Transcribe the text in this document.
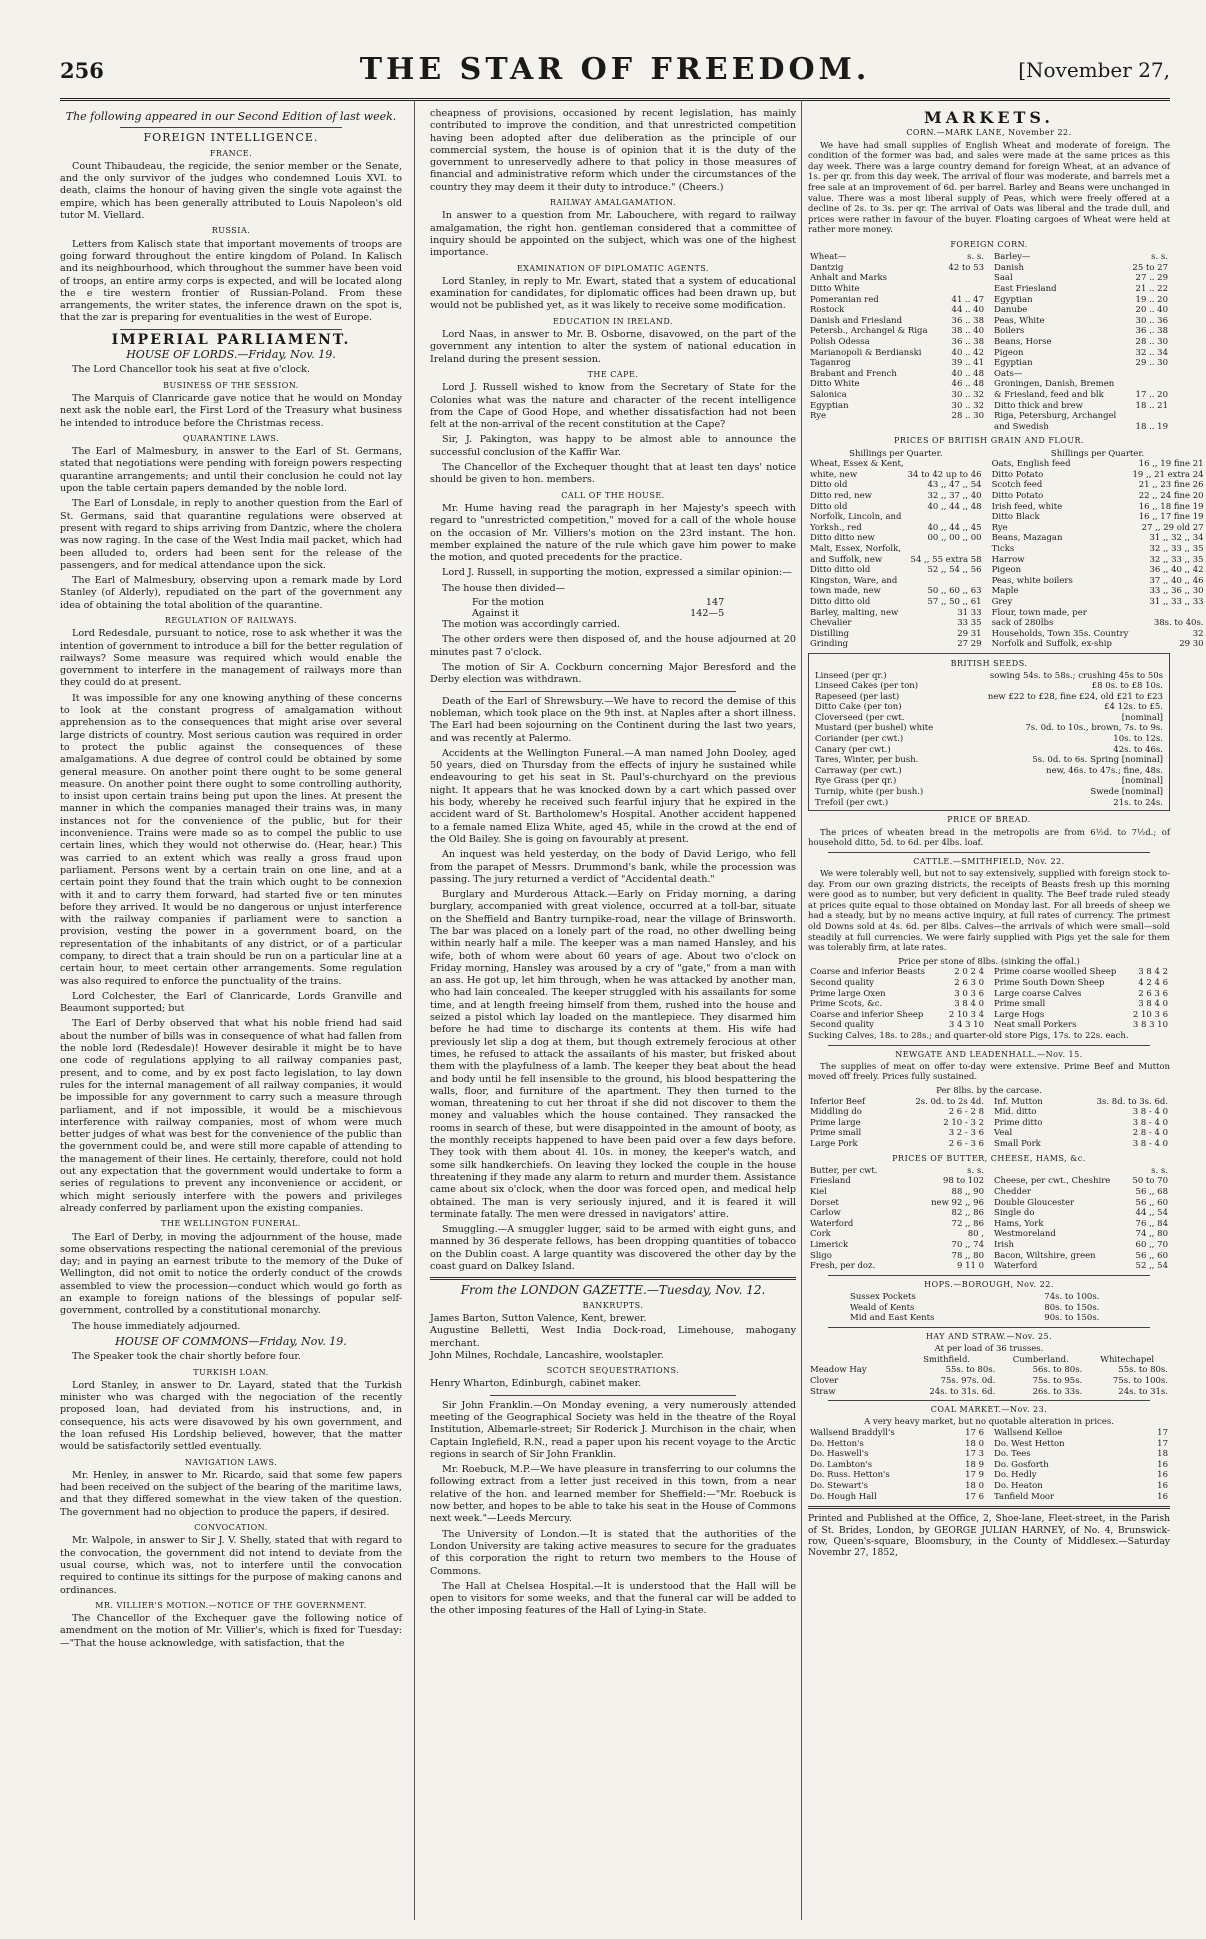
256	THE STAR OF FREEDOM.	[November 27,
The following appeared in our Second Edition of last week.
FOREIGN INTELLIGENCE.
FRANCE.

Count Thibaudeau, the regicide, the senior member or the Senate, and the only survivor of the judges who condemned Louis XVI. to death, claims the honour of having given the single vote against the empire, which has been generally attributed to Louis Napoleon's old tutor M. Viellard.

RUSSIA.

Letters from Kalisch state that important movements of troops are going forward throughout the entire kingdom of Poland. In Kalisch and its neighbourhood, which throughout the summer have been void of troops, an entire army corps is expected, and will be located along the e tire western frontier of Russian-Poland. From these arrangements, the writer states, the inference drawn on the spot is, that the zar is preparing for eventualities in the west of Europe.

IMPERIAL PARLIAMENT.
HOUSE OF LORDS.—Friday, Nov. 19.

The Lord Chancellor took his seat at five o'clock.

BUSINESS OF THE SESSION.

The Marquis of Clanricarde gave notice that he would on Monday next ask the noble earl, the First Lord of the Treasury what business he intended to introduce before the Christmas recess.

QUARANTINE LAWS.

The Earl of Malmesbury, in answer to the Earl of St. Germans, stated that negotiations were pending with foreign powers respecting quarantine arrangements; and until their conclusion he could not lay upon the table certain papers demanded by the noble lord.

The Earl of Lonsdale, in reply to another question from the Earl of St. Germans, said that quarantine regulations were observed at present with regard to ships arriving from Dantzic, where the cholera was now raging. In the case of the West India mail packet, which had been alluded to, orders had been sent for the release of the passengers, and for medical attendance upon the sick.

The Earl of Malmesbury, observing upon a remark made by Lord Stanley (of Alderly), repudiated on the part of the government any idea of obtaining the total abolition of the quarantine.

REGULATION OF RAILWAYS.

Lord Redesdale, pursuant to notice, rose to ask whether it was the intention of government to introduce a bill for the better regulation of railways? Some measure was required which would enable the government to interfere in the management of railways more than they could do at present.

It was impossible for any one knowing anything of these concerns to look at the constant progress of amalgamation without apprehension as to the consequences that might arise over several large districts of country. Most serious caution was required in order to protect the public against the consequences of these amalgamations. A due degree of control could be obtained by some general measure. On another point there ought to be some general measure. On another point there ought to some controlling authority, to insist upon certain trains being put upon the lines. At present the manner in which the companies managed their trains was, in many instances not for the convenience of the public, but for their inconvenience. Trains were made so as to compel the public to use certain lines, which they would not otherwise do. (Hear, hear.) This was carried to an extent which was really a gross fraud upon parliament. Persons went by a certain train on one line, and at a certain point they found that the train which ought to be connexion with it and to carry them forward, had started five or ten minutes before they arrived. It would be no dangerous or unjust interference with the railway companies if parliament were to sanction a provision, vesting the power in a government board, on the representation of the inhabitants of any district, or of a particular company, to direct that a train should be run on a particular line at a certain hour, to meet certain other arrangements. Some regulation was also required to enforce the punctuality of the trains.

Lord Colchester, the Earl of Clanricarde, Lords Granville and Beaumont supported; but

The Earl of Derby observed that what his noble friend had said about the number of bills was in consequence of what had fallen from the noble lord (Redesdale)! However desirable it might be to have one code of regulations applying to all railway companies past, present, and to come, and by ex post facto legislation, to lay down rules for the internal management of all railway companies, it would be impossible for any government to carry such a measure through parliament, and if not impossible, it would be a mischievous interference with railway companies, most of whom were much better judges of what was best for the convenience of the public than the government could be, and were still more capable of attending to the management of their lines. He certainly, therefore, could not hold out any expectation that the government would undertake to form a series of regulations to prevent any inconvenience or accident, or which might seriously interfere with the powers and privileges already conferred by parliament upon the existing companies.

THE WELLINGTON FUNERAL.

The Earl of Derby, in moving the adjournment of the house, made some observations respecting the national ceremonial of the previous day; and in paying an earnest tribute to the memory of the Duke of Wellington, did not omit to notice the orderly conduct of the crowds assembled to view the procession—conduct which would go forth as an example to foreign nations of the blessings of popular self-government, controlled by a constitutional monarchy.

The house immediately adjourned.

HOUSE OF COMMONS—Friday, Nov. 19.

The Speaker took the chair shortly before four.

TURKISH LOAN.

Lord Stanley, in answer to Dr. Layard, stated that the Turkish minister who was charged with the negociation of the recently proposed loan, had deviated from his instructions, and, in consequence, his acts were disavowed by his own government, and the loan refused His Lordship believed, however, that the matter would be satisfactorily settled eventually.

NAVIGATION LAWS.

Mr. Henley, in answer to Mr. Ricardo, said that some few papers had been received on the subject of the bearing of the maritime laws, and that they differed somewhat in the view taken of the question. The government had no objection to produce the papers, if desired.

CONVOCATION.

Mr. Walpole, in answer to Sir J. V. Shelly, stated that with regard to the convocation, the government did not intend to deviate from the usual course, which was, not to interfere until the convocation required to continue its sittings for the purpose of making canons and ordinances.

MR. VILLIER'S MOTION.—NOTICE OF THE GOVERNMENT.

The Chancellor of the Exchequer gave the following notice of amendment on the motion of Mr. Villier's, which is fixed for Tuesday:—"That the house acknowledge, with satisfaction, that the

cheapness of provisions, occasioned by recent legislation, has mainly contributed to improve the condition, and that unrestricted competition having been adopted after due deliberation as the principle of our commercial system, the house is of opinion that it is the duty of the government to unreservedly adhere to that policy in those measures of financial and administrative reform which under the circumstances of the country they may deem it their duty to introduce." (Cheers.)

RAILWAY AMALGAMATION.

In answer to a question from Mr. Labouchere, with regard to railway amalgamation, the right hon. gentleman considered that a committee of inquiry should be appointed on the subject, which was one of the highest importance.

EXAMINATION OF DIPLOMATIC AGENTS.

Lord Stanley, in reply to Mr. Ewart, stated that a system of educational examination for candidates, for diplomatic offices had been drawn up, but would not be published yet, as it was likely to receive some modification.

EDUCATION IN IRELAND.

Lord Naas, in answer to Mr. B. Osborne, disavowed, on the part of the government any intention to alter the system of national education in Ireland during the present session.

THE CAPE.

Lord J. Russell wished to know from the Secretary of State for the Colonies what was the nature and character of the recent intelligence from the Cape of Good Hope, and whether dissatisfaction had not been felt at the non-arrival of the recent constitution at the Cape?

Sir, J. Pakington, was happy to be almost able to announce the successful conclusion of the Kaffir War.

The Chancellor of the Exchequer thought that at least ten days' notice should be given to hon. members.

CALL OF THE HOUSE.

Mr. Hume having read the paragraph in her Majesty's speech with regard to "unrestricted competition," moved for a call of the whole house on the occasion of Mr. Villiers's motion on the 23rd instant. The hon. member explained the nature of the rule which gave him power to make the motion, and quoted precedents for the practice.

Lord J. Russell, in supporting the motion, expressed a similar opinion:—

The house then divided—

For the motion	147
Against it	142—5

The motion was accordingly carried.

The other orders were then disposed of, and the house adjourned at 20 minutes past 7 o'clock.

The motion of Sir A. Cockburn concerning Major Beresford and the Derby election was withdrawn.

Death of the Earl of Shrewsbury.—We have to record the demise of this nobleman, which took place on the 9th inst. at Naples after a short illness. The Earl had been sojourning on the Continent during the last two years, and was recently at Palermo.

Accidents at the Wellington Funeral.—A man named John Dooley, aged 50 years, died on Thursday from the effects of injury he sustained while endeavouring to get his seat in St. Paul's-churchyard on the previous night. It appears that he was knocked down by a cart which passed over his body, whereby he received such fearful injury that he expired in the accident ward of St. Bartholomew's Hospital. Another accident happened to a female named Eliza White, aged 45, while in the crowd at the end of the Old Bailey. She is going on favourably at present.

An inquest was held yesterday, on the body of David Lerigo, who fell from the parapet of Messrs. Drummond's bank, while the procession was passing. The jury returned a verdict of "Accidental death."

Burglary and Murderous Attack.—Early on Friday morning, a daring burglary, accompanied with great violence, occurred at a toll-bar, situate on the Sheffield and Bantry turnpike-road, near the village of Brinsworth. The bar was placed on a lonely part of the road, no other dwelling being within nearly half a mile. The keeper was a man named Hansley, and his wife, both of whom were about 60 years of age. About two o'clock on Friday morning, Hansley was aroused by a cry of "gate," from a man with an ass. He got up, let him through, when he was attacked by another man, who had lain concealed. The keeper struggled with his assailants for some time, and at length freeing himself from them, rushed into the house and seized a pistol which lay loaded on the mantlepiece. They disarmed him before he had time to discharge its contents at them. His wife had previously let slip a dog at them, but though extremely ferocious at other times, he refused to attack the assailants of his master, but frisked about them with the playfulness of a lamb. The keeper they beat about the head and body until he fell insensible to the ground, his blood bespattering the walls, floor, and furniture of the apartment. They then turned to the woman, threatening to cut her throat if she did not discover to them the money and valuables which the house contained. They ransacked the rooms in search of these, but were disappointed in the amount of booty, as the monthly receipts happened to have been paid over a few days before. They took with them about 4l. 10s. in money, the keeper's watch, and some silk handkerchiefs. On leaving they locked the couple in the house threatening if they made any alarm to return and murder them. Assistance came about six o'clock, when the door was forced open, and medical help obtained. The man is very seriously injured, and it is feared it will terminate fatally. The men were dressed in navigators' attire.

Smuggling.—A smuggler lugger, said to be armed with eight guns, and manned by 36 desperate fellows, has been dropping quantities of tobacco on the Dublin coast. A large quantity was discovered the other day by the coast guard on Dalkey Island.

From the LONDON GAZETTE.—Tuesday, Nov. 12.
BANKRUPTS.
James Barton, Sutton Valence, Kent, brewer.
Augustine Belletti, West India Dock-road, Limehouse, mahogany merchant.
John Milnes, Rochdale, Lancashire, woolstapler.
SCOTCH SEQUESTRATIONS.
Henry Wharton, Edinburgh, cabinet maker.

Sir John Franklin.—On Monday evening, a very numerously attended meeting of the Geographical Society was held in the theatre of the Royal Institution, Albemarle-street; Sir Roderick J. Murchison in the chair, when Captain Inglefield, R.N., read a paper upon his recent voyage to the Arctic regions in search of Sir John Franklin.

Mr. Roebuck, M.P.—We have pleasure in transferring to our columns the following extract from a letter just received in this town, from a near relative of the hon. and learned member for Sheffield:—"Mr. Roebuck is now better, and hopes to be able to take his seat in the House of Commons next week."—Leeds Mercury.

The University of London.—It is stated that the authorities of the London University are taking active measures to secure for the graduates of this corporation the right to return two members to the House of Commons.

The Hall at Chelsea Hospital.—It is understood that the Hall will be open to visitors for some weeks, and that the funeral car will be added to the other imposing features of the Hall of Lying-in State.

MARKETS.
CORN.—MARK LANE, November 22.

We have had small supplies of English Wheat and moderate of foreign. The condition of the former was bad, and sales were made at the same prices as this day week. There was a large country demand for foreign Wheat, at an advance of 1s. per qr. from this day week. The arrival of flour was moderate, and barrels met a free sale at an improvement of 6d. per barrel. Barley and Beans were unchanged in value. There was a most liberal supply of Peas, which were freely offered at a decline of 2s. to 3s. per qr. The arrival of Oats was liberal and the trade dull, and prices were rather in favour of the buyer. Floating cargoes of Wheat were held at rather more money.

FOREIGN CORN.
Wheat—	s. s.
Dantzig	42 to 53
Anhalt and Marks	
Ditto White	
Pomeranian red	41 .. 47
Rostock	44 .. 40
Danish and Friesland	36 .. 38
Petersb., Archangel & Riga	38 .. 40
Polish Odessa	36 .. 38
Marianopoli & Berdianski	40 .. 42
Taganrog	39 .. 41
Brabant and French	40 .. 48
Ditto White	46 .. 48
Salonica	30 .. 32
Egyptian	30 .. 32
Rye	28 .. 30
Barley—	s. s.
Danish	25 to 27
Saal	27 .. 29
East Friesland	21 .. 22
Egyptian	19 .. 20
Danube	20 .. 40
Peas, White	30 .. 36
Boilers	36 .. 38
Beans, Horse	28 .. 30
Pigeon	32 .. 34
Egyptian	29 .. 30
Oats—	
Groningen, Danish, Bremen	
& Friesland, feed and blk	17 .. 20
Ditto thick and brew	18 .. 21
Riga, Petersburg, Archangel	
and Swedish	18 .. 19
PRICES OF BRITISH GRAIN AND FLOUR.
Shillings per Quarter.
Wheat, Essex & Kent,	
white, new	34 to 42 up to 46
Ditto old	43 ,, 47 ,, 54
Ditto red, new	32 ,, 37 ,, 40
Ditto old	40 ,, 44 ,, 48
Norfolk, Lincoln, and	
Yorksh., red	40 ,, 44 ,, 45
Ditto ditto new	00 ,, 00 ,, 00
Malt, Essex, Norfolk,	
and Suffolk, new	54 ,, 55 extra 58
Ditto ditto old	52 ,, 54 ,, 56
Kingston, Ware, and	
town made, new	50 ,, 60 ,, 63
Ditto ditto old	57 ,, 50 ,, 61
Barley, malting, new	31 33
Chevalier	33 35
Distilling	29 31
Grinding	27 29
Shillings per Quarter.
Oats, English feed	16 ,, 19 fine 21
Ditto Potato	19 ,, 21 extra 24
Scotch feed	21 ,, 23 fine 26
Ditto Potato	22 ,, 24 fine 20
Irish feed, white	16 ,, 18 fine 19
Ditto Black	16 ,, 17 fine 19
Rye	27 ,, 29 old 27
Beans, Mazagan	31 ,, 32 ,, 34
Ticks	32 ,, 33 ,, 35
Harrow	32 ,, 33 ,, 35
Pigeon	36 ,, 40 ,, 42
Peas, white boilers	37 ,, 40 ,, 46
Maple	33 ,, 36 ,, 30
Grey	31 ,, 33 ,, 33
Flour, town made, per	
sack of 280lbs	38s. to 40s.
Households, Town 35s. Country	32
Norfolk and Suffolk, ex-ship	29 30
BRITISH SEEDS.
Linseed (per qr.)	sowing 54s. to 58s.; crushing 45s to 50s
Linseed Cakes (per ton)	£8 0s. to £8 10s.
Rapeseed (per last)	new £22 to £28, fine £24, old £21 to £23
Ditto Cake (per ton)	£4 12s. to £5.
Cloverseed (per cwt.	[nominal]
Mustard (per bushel) white	7s. 0d. to 10s., brown, 7s. to 9s.
Coriander (per cwt.)	10s. to 12s.
Canary (per cwt.)	42s. to 46s.
Tares, Winter, per bush.	5s. 0d. to 6s. Spring [nominal]
Carraway (per cwt.)	new, 46s. to 47s.; fine, 48s.
Rye Grass (per qr.)	[nominal]
Turnip, white (per bush.)	Swede [nominal]
Trefoil (per cwt.)	21s. to 24s.
PRICE OF BREAD.

The prices of wheaten bread in the metropolis are from 6½d. to 7½d.; of household ditto, 5d. to 6d. per 4lbs. loaf.

CATTLE.—SMITHFIELD, Nov. 22.

We were tolerably well, but not to say extensively, supplied with foreign stock to-day. From our own grazing districts, the receipts of Beasts fresh up this morning were good as to number, but very deficient in quality. The Beef trade ruled steady at prices quite equal to those obtained on Monday last. For all breeds of sheep we had a steady, but by no means active inquiry, at full rates of currency. The primest old Downs sold at 4s. 6d. per 8lbs. Calves—the arrivals of which were small—sold steadily at full currencies. We were fairly supplied with Pigs yet the sale for them was tolerably firm, at late rates.

Price per stone of 8lbs. (sinking the offal.)
Coarse and inferior Beasts	2 0 2 4
Second quality	2 6 3 0
Prime large Oxen	3 0 3 6
Prime Scots, &c.	3 8 4 0
Coarse and inferior Sheep	2 10 3 4
Second quality	3 4 3 10
Prime coarse woolled Sheep	3 8 4 2
Prime South Down Sheep	4 2 4 6
Large coarse Calves	2 6 3 6
Prime small	3 8 4 0
Large Hogs	2 10 3 6
Neat small Porkers	3 8 3 10
Sucking Calves, 18s. to 28s.; and quarter-old store Pigs, 17s. to 22s. each.
NEWGATE AND LEADENHALL.—Nov. 15.

The supplies of meat on offer to-day were extensive. Prime Beef and Mutton moved off freely. Prices fully sustained.

Per 8lbs. by the carcase.
Inferior Beef	2s. 0d. to 2s 4d.
Middling do	2 6 - 2 8
Prime large	2 10 - 3 2
Prime small	3 2 - 3 6
Large Pork	2 6 - 3 6
Inf. Mutton	3s. 8d. to 3s. 6d.
Mid. ditto	3 8 - 4 0
Prime ditto	3 8 - 4 0
Veal	2 8 - 4 0
Small Pork	3 8 - 4 0
PRICES OF BUTTER, CHEESE, HAMS, &c.
Butter, per cwt.	s. s.
Friesland	98 to 102
Kiel	88 ,, 90
Dorset	new 92 ,, 96
Carlow	82 ,, 86
Waterford	72 ,, 86
Cork	80 ,
Limerick	70 ,, 74
Sligo	78 ,, 80
Fresh, per doz.	9 11 0
	s. s.
Cheese, per cwt., Cheshire	50 to 70
Chedder	56 ,, 68
Double Gloucester	56 ,, 60
Single do	44 ,, 54
Hams, York	76 ,, 84
Westmoreland	74 ,, 80
Irish	60 ,, 70
Bacon, Wiltshire, green	56 ,, 60
Waterford	52 ,, 54
HOPS.—BOROUGH, Nov. 22.
Sussex Pockets	74s. to 100s.
Weald of Kents	80s. to 150s.
Mid and East Kents	90s. to 150s.
HAY AND STRAW.—Nov. 25.
At per load of 36 trusses.
	Smithfield.	Cumberland.	Whitechapel
Meadow Hay	55s. to 80s.	56s. to 80s.	55s. to 80s.
Clover	75s. 97s. 0d.	75s. to 95s.	75s. to 100s.
Straw	24s. to 31s. 6d.	26s. to 33s.	24s. to 31s.
COAL MARKET.—Nov. 23.
A very heavy market, but no quotable alteration in prices.
Wallsend Braddyll's	17 6
Do. Hetton's	18 0
Do. Haswell's	17 3
Do. Lambton's	18 9
Do. Russ. Hetton's	17 9
Do. Stewart's	18 0
Do. Hough Hall	17 6
Wallsend Kelloe	17
Do. West Hetton	17
Do. Tees	18
Do. Gosforth	16
Do. Hedly	16
Do. Heaton	16
Tanfield Moor	16
Printed and Published at the Office, 2, Shoe-lane, Fleet-street, in the Parish of St. Brides, London, by GEORGE JULIAN HARNEY, of No. 4, Brunswick-row, Queen's-square, Bloomsbury, in the County of Middlesex.—Saturday Novembr 27, 1852,
